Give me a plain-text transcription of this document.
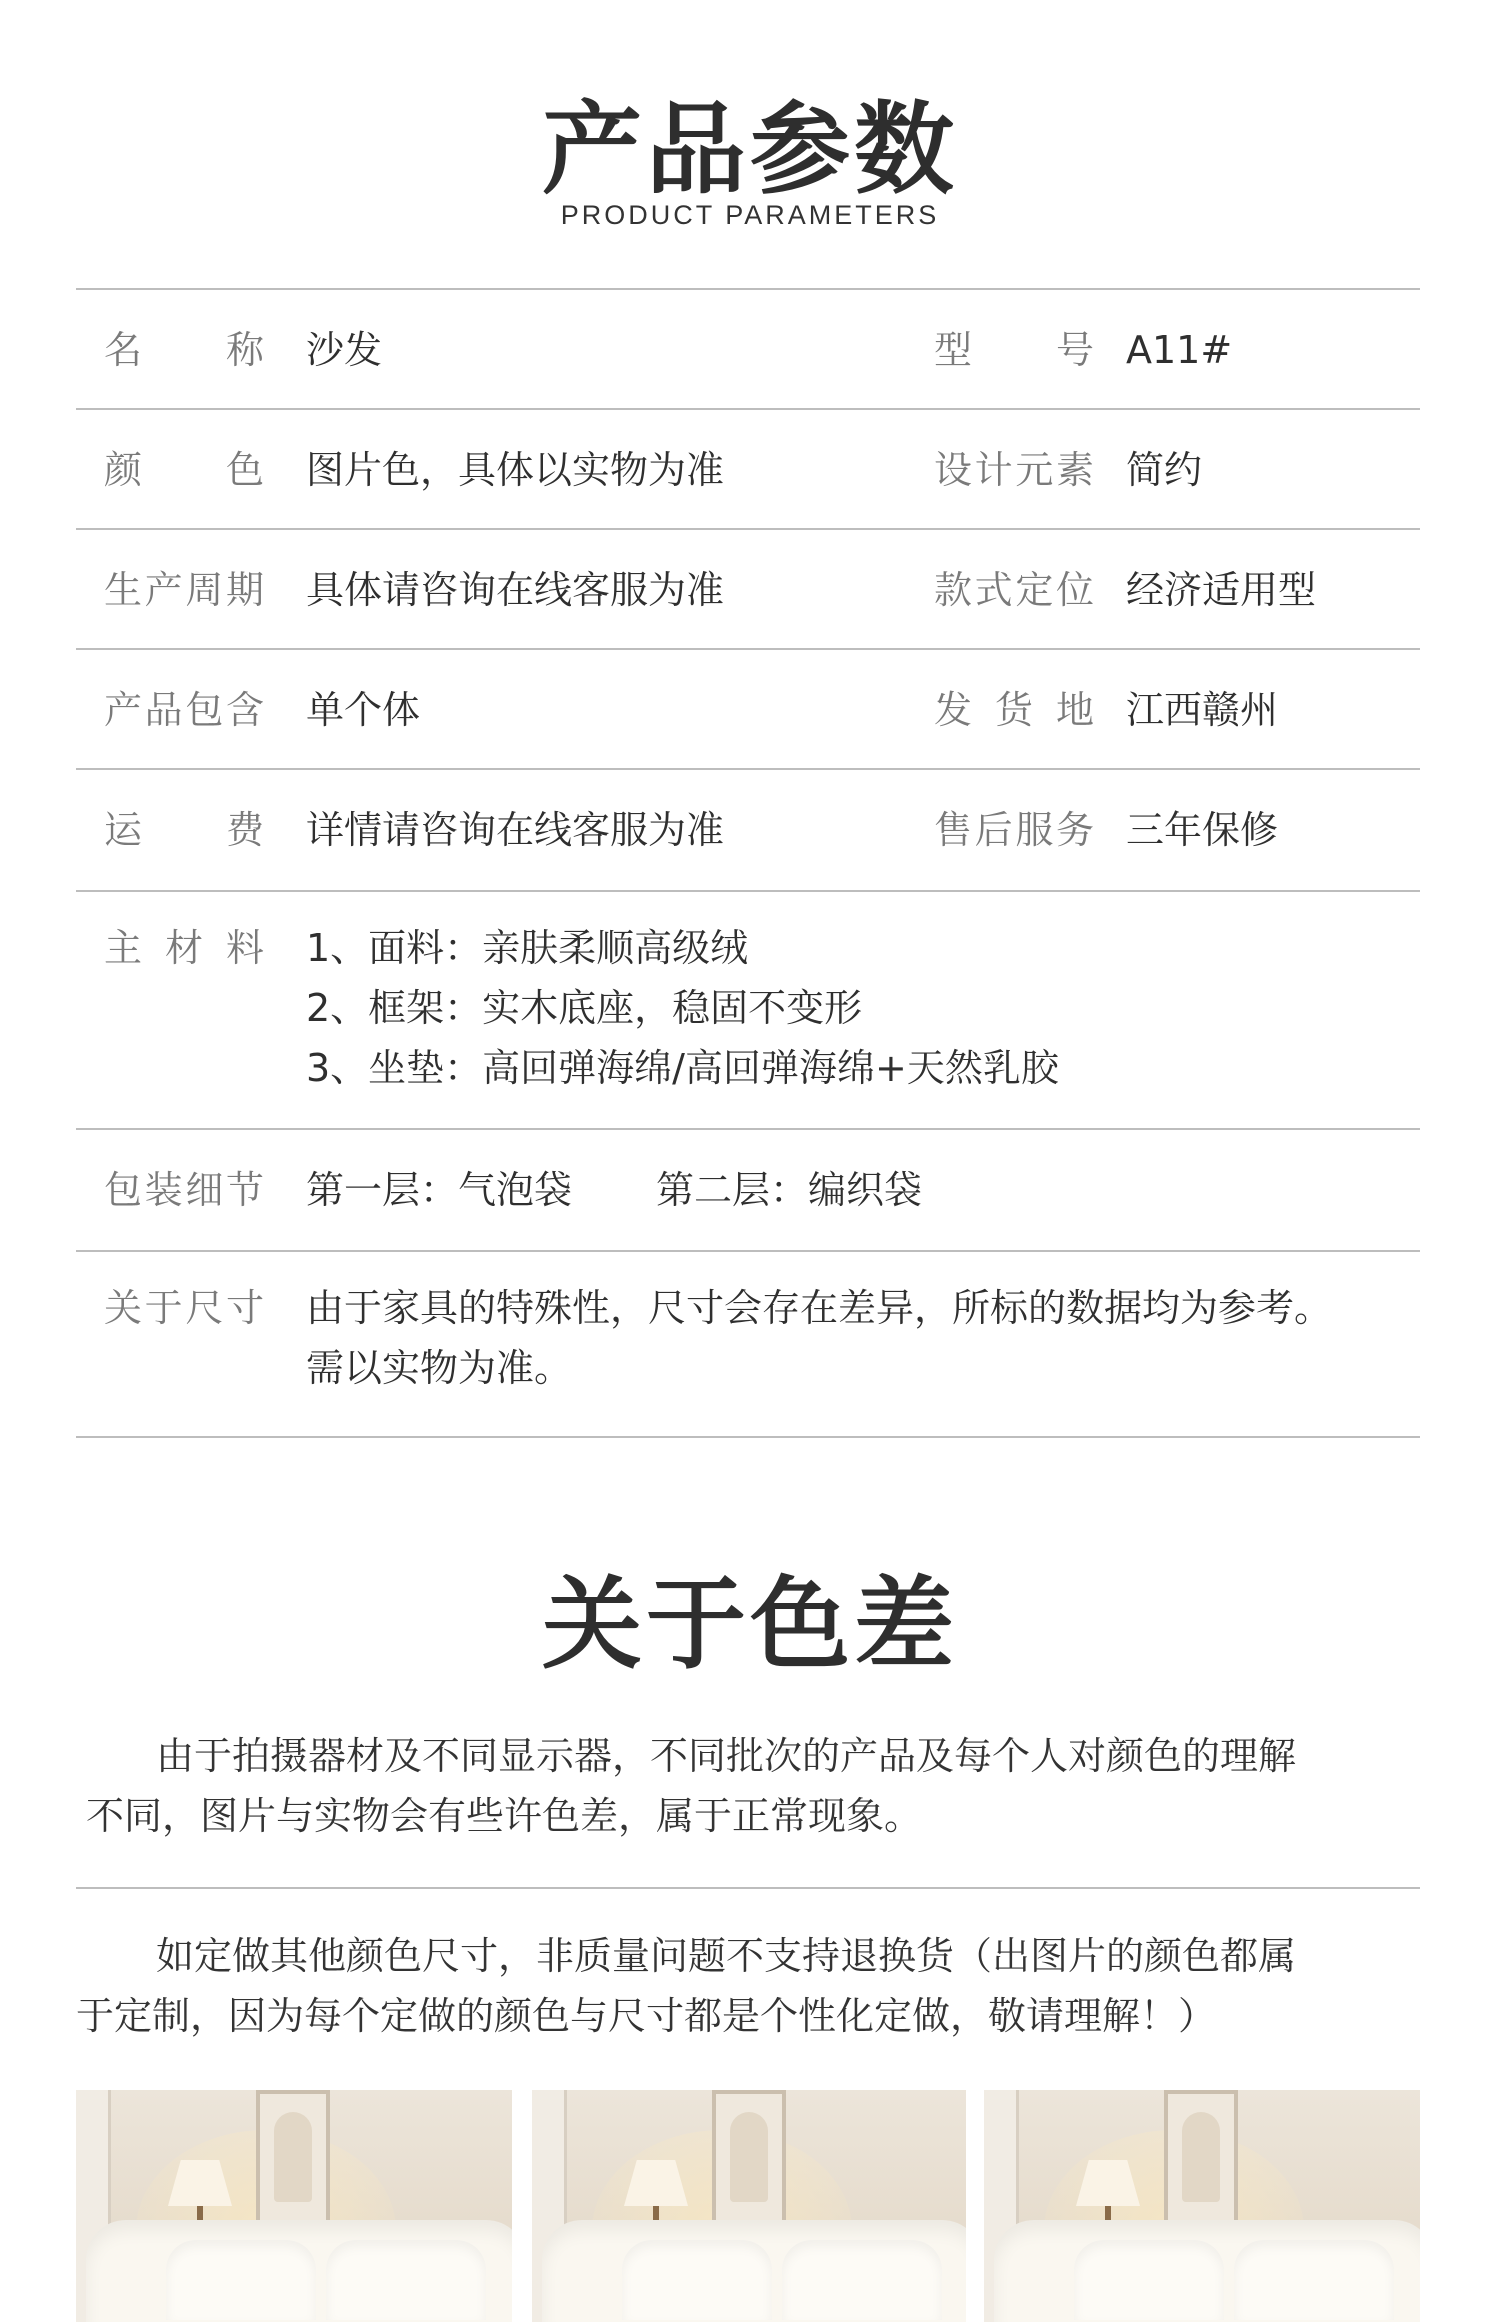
产品参数
PRODUCT PARAMETERS
名称 沙发	型号 A11#
颜色 图片色，具体以实物为准	设计元素 简约
生产周期 具体请咨询在线客服为准	款式定位 经济适用型
产品包含 单个体	发货地 江西赣州
运费 详情请咨询在线客服为准	售后服务 三年保修
主材料 1、面料：亲肤柔顺高级绒
2、框架：实木底座，稳固不变形
3、坐垫：高回弹海绵/高回弹海绵+天然乳胶
包装细节 第一层：气泡袋 第二层：编织袋
关于尺寸 由于家具的特殊性，尺寸会存在差异，所标的数据均为参考。
需以实物为准。
关于色差
由于拍摄器材及不同显示器，不同批次的产品及每个人对颜色的理解
不同，图片与实物会有些许色差，属于正常现象。
如定做其他颜色尺寸，非质量问题不支持退换货（出图片的颜色都属
于定制，因为每个定做的颜色与尺寸都是个性化定做，敬请理解！）
